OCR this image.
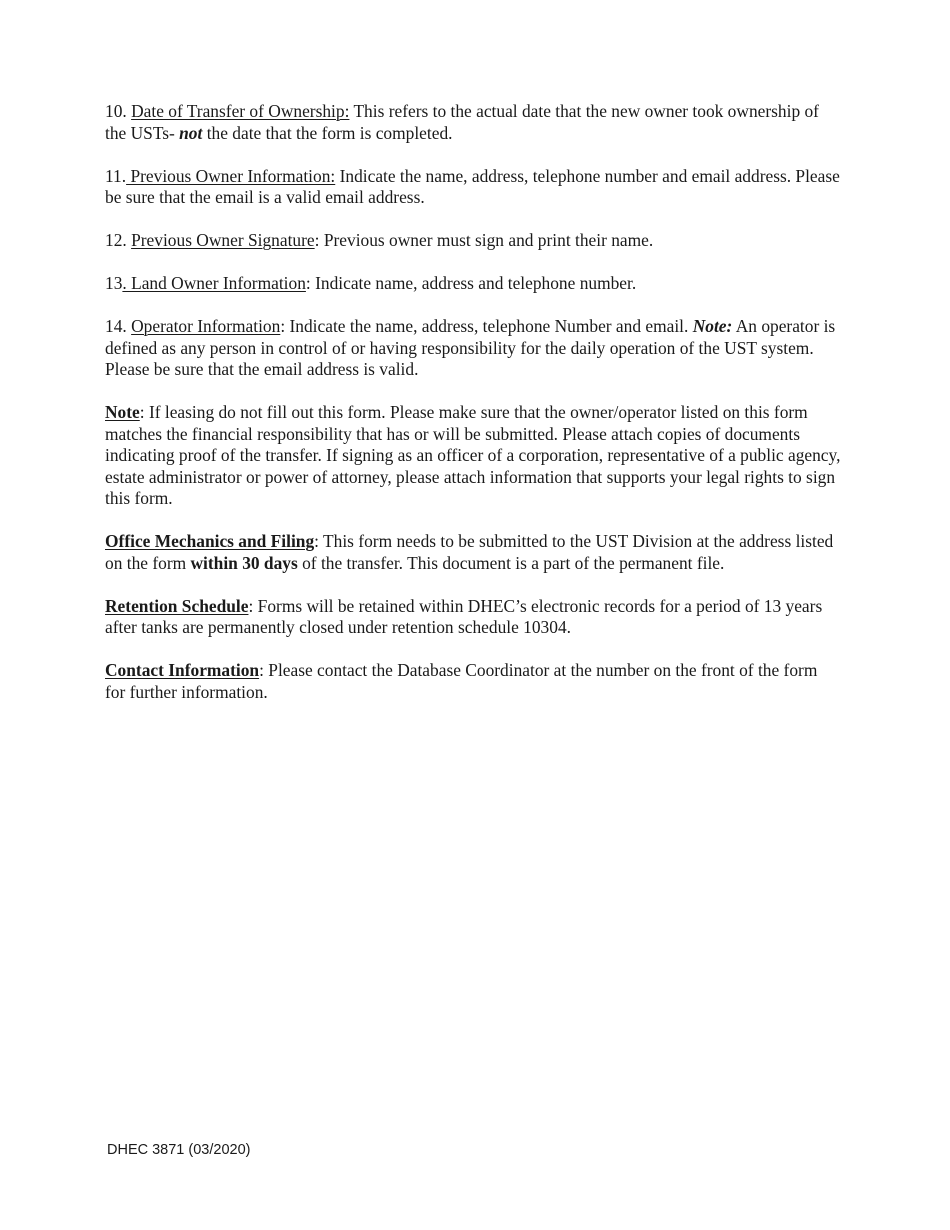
10. Date of Transfer of Ownership: This refers to the actual date that the new owner took ownership of the USTs- not the date that the form is completed.

11. Previous Owner Information: Indicate the name, address, telephone number and email address. Please be sure that the email is a valid email address.

12. Previous Owner Signature: Previous owner must sign and print their name.

13. Land Owner Information: Indicate name, address and telephone number.

14. Operator Information: Indicate the name, address, telephone Number and email. Note: An operator is defined as any person in control of or having responsibility for the daily operation of the UST system. Please be sure that the email address is valid.

Note: If leasing do not fill out this form. Please make sure that the owner/operator listed on this form matches the financial responsibility that has or will be submitted. Please attach copies of documents indicating proof of the transfer. If signing as an officer of a corporation, representative of a public agency, estate administrator or power of attorney, please attach information that supports your legal rights to sign this form.

Office Mechanics and Filing: This form needs to be submitted to the UST Division at the address listed on the form within 30 days of the transfer. This document is a part of the permanent file.

Retention Schedule: Forms will be retained within DHEC’s electronic records for a period of 13 years after tanks are permanently closed under retention schedule 10304.

Contact Information: Please contact the Database Coordinator at the number on the front of the form for further information.

DHEC 3871 (03/2020)
